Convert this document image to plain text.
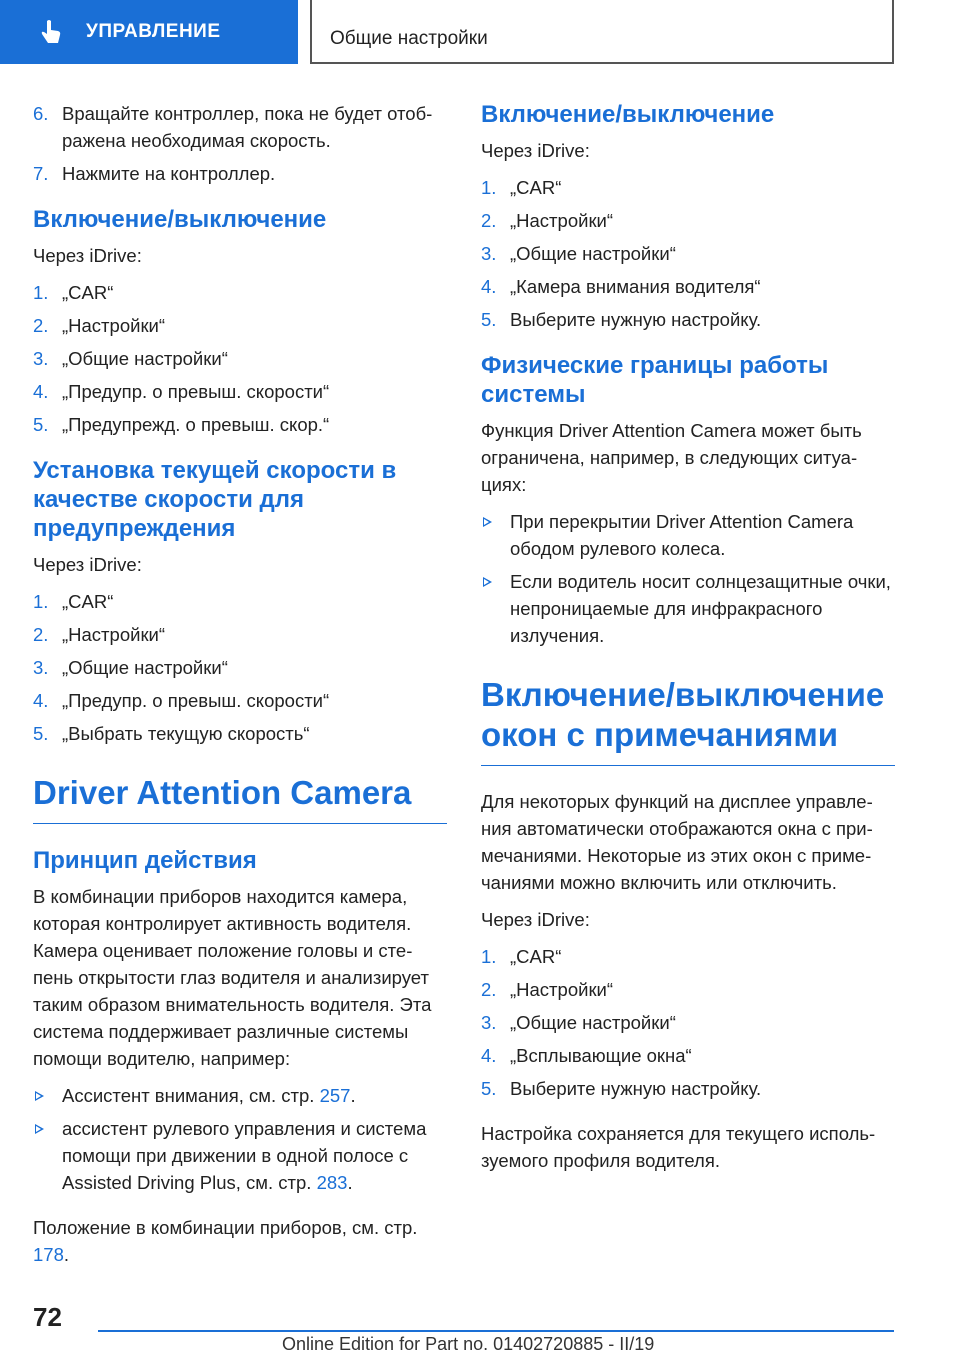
УПРАВЛЕНИЕ	Общие настройки
6. Вращайте контроллер, пока не будет отоб-ражена необходимая скорость.
7. Нажмите на контроллер.
Включение/выключение

Через iDrive:

1. „CAR“
2. „Настройки“
3. „Общие настройки“
4. „Предупр. о превыш. скорости“
5. „Предупрежд. о превыш. скор.“
Установка текущей скорости в качестве скорости для предупреждения

Через iDrive:

1. „CAR“
2. „Настройки“
3. „Общие настройки“
4. „Предупр. о превыш. скорости“
5. „Выбрать текущую скорость“
Driver Attention Camera
Принцип действия

В комбинации приборов находится камера, которая контролирует активность водителя. Камера оценивает положение головы и сте-пень открытости глаз водителя и анализирует таким образом внимательность водителя. Эта система поддерживает различные системы помощи водителю, например:

Ассистент внимания, см. стр. 257.
ассистент рулевого управления и система помощи при движении в одной полосе с Assisted Driving Plus, см. стр. 283.

Положение в комбинации приборов, см. стр. 178.

Включение/выключение

Через iDrive:

1. „CAR“
2. „Настройки“
3. „Общие настройки“
4. „Камера внимания водителя“
5. Выберите нужную настройку.
Физические границы работы системы

Функция Driver Attention Camera может быть ограничена, например, в следующих ситуа-циях:

При перекрытии Driver Attention Camera ободом рулевого колеса.
Если водитель носит солнцезащитные очки, непроницаемые для инфракрасного излучения.
Включение/выключение окон с примечаниями

Для некоторых функций на дисплее управле-ния автоматически отображаются окна с при-мечаниями. Некоторые из этих окон с приме-чаниями можно включить или отключить.

Через iDrive:

1. „CAR“
2. „Настройки“
3. „Общие настройки“
4. „Всплывающие окна“
5. Выберите нужную настройку.

Настройка сохраняется для текущего исполь-зуемого профиля водителя.

72
Online Edition for Part no. 01402720885 - II/19
